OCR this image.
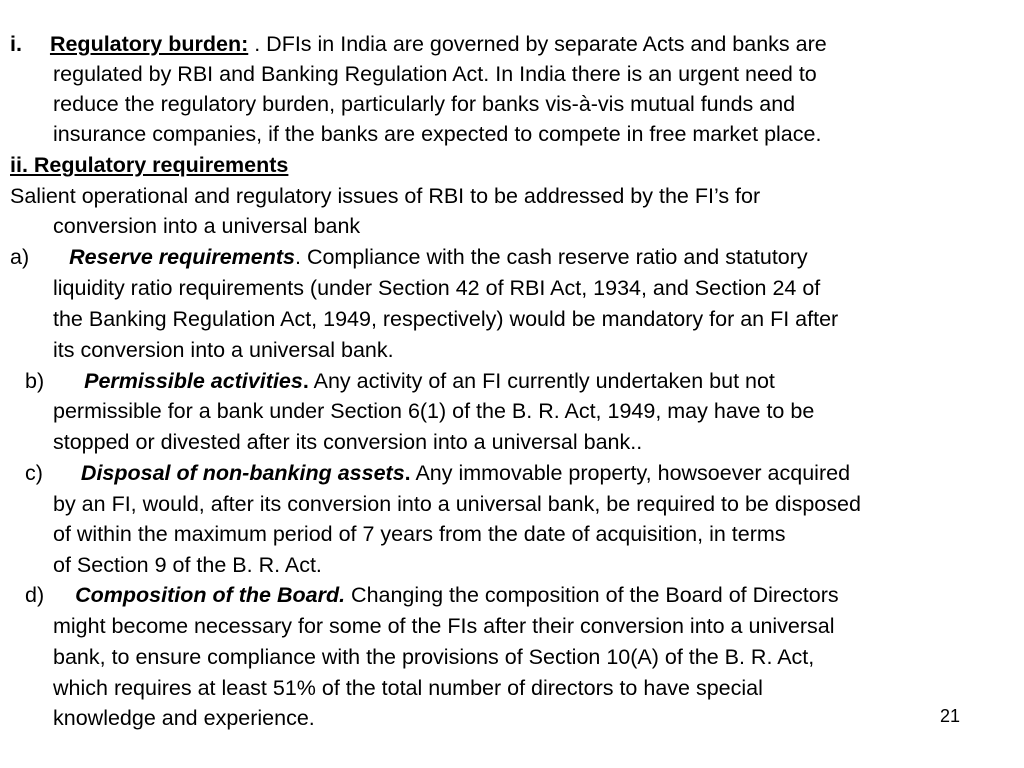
i. Regulatory burden: . DFIs in India are governed by separate Acts and banks are
regulated by RBI and Banking Regulation Act. In India there is an urgent need to
reduce the regulatory burden, particularly for banks vis-à-vis mutual funds and
insurance companies, if the banks are expected to compete in free market place.
ii. Regulatory requirements
Salient operational and regulatory issues of RBI to be addressed by the FI’s for
conversion into a universal bank
a) Reserve requirements. Compliance with the cash reserve ratio and statutory
liquidity ratio requirements (under Section 42 of RBI Act, 1934, and Section 24 of
the Banking Regulation Act, 1949, respectively) would be mandatory for an FI after
its conversion into a universal bank.
b) Permissible activities. Any activity of an FI currently undertaken but not
permissible for a bank under Section 6(1) of the B. R. Act, 1949, may have to be
stopped or divested after its conversion into a universal bank..
c) Disposal of non-banking assets. Any immovable property, howsoever acquired
by an FI, would, after its conversion into a universal bank, be required to be disposed
of within the maximum period of 7 years from the date of acquisition, in terms
of Section 9 of the B. R. Act.
d) Composition of the Board. Changing the composition of the Board of Directors
might become necessary for some of the FIs after their conversion into a universal
bank, to ensure compliance with the provisions of Section 10(A) of the B. R. Act,
which requires at least 51% of the total number of directors to have special
knowledge and experience.	21
